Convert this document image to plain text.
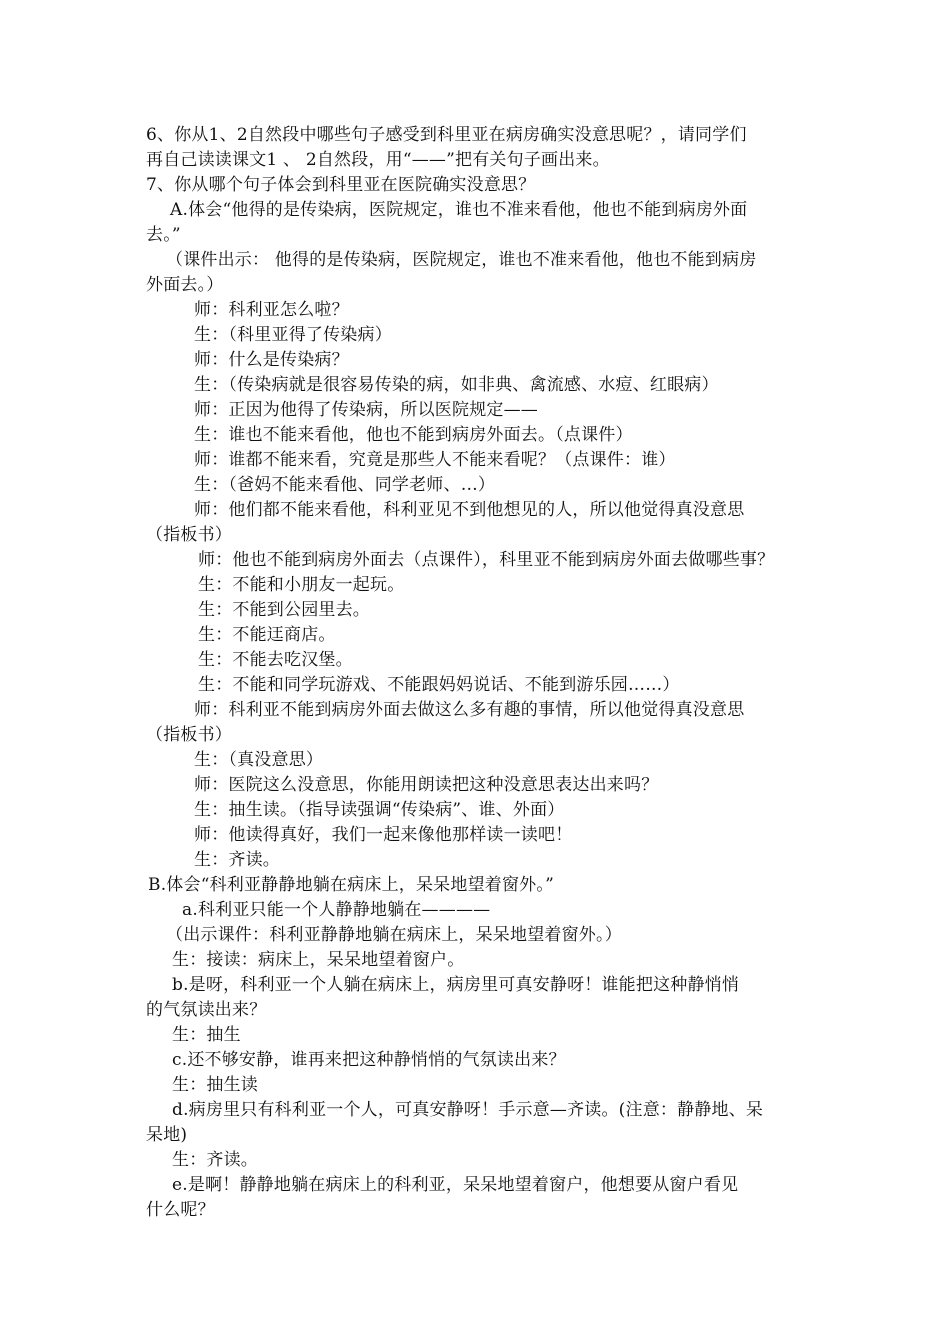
6、你从1、2自然段中哪些句子感受到科里亚在病房确实没意思呢？，请同学们
再自己读读课文1 、 2自然段，用“——”把有关句子画出来。
7、你从哪个句子体会到科里亚在医院确实没意思？
A.体会“他得的是传染病，医院规定，谁也不准来看他，他也不能到病房外面
去。”
（课件出示： 他得的是传染病，医院规定，谁也不准来看他，他也不能到病房
外面去。）
师：科利亚怎么啦？
生：（科里亚得了传染病）
师：什么是传染病？
生：（传染病就是很容易传染的病，如非典、禽流感、水痘、红眼病）
师：正因为他得了传染病，所以医院规定——
生：谁也不能来看他，他也不能到病房外面去。（点课件）
师：谁都不能来看，究竟是那些人不能来看呢？（点课件：谁）
生：（爸妈不能来看他、同学老师、…）
师：他们都不能来看他，科利亚见不到他想见的人，所以他觉得真没意思
（指板书）
师：他也不能到病房外面去（点课件），科里亚不能到病房外面去做哪些事？
生：不能和小朋友一起玩。
生：不能到公园里去。
生：不能迋商店。
生：不能去吃汉堡。
生：不能和同学玩游戏、不能跟妈妈说话、不能到游乐园……）
师：科利亚不能到病房外面去做这么多有趣的事情，所以他觉得真没意思
（指板书）
生：（真没意思）
师：医院这么没意思，你能用朗读把这种没意思表达出来吗？
生：抽生读。（指导读强调“传染病”、谁、外面）
师：他读得真好，我们一起来像他那样读一读吧！
生：齐读。
B.体会“科利亚静静地躺在病床上，呆呆地望着窗外。”
a.科利亚只能一个人静静地躺在————
（出示课件：科利亚静静地躺在病床上，呆呆地望着窗外。）
生：接读：病床上，呆呆地望着窗户。
b.是呀，科利亚一个人躺在病床上，病房里可真安静呀！谁能把这种静悄悄
的气氛读出来？
生：抽生
c.还不够安静，谁再来把这种静悄悄的气氛读出来？
生：抽生读
d.病房里只有科利亚一个人，可真安静呀！手示意—齐读。(注意：静静地、呆
呆地)
生：齐读。
e.是啊！静静地躺在病床上的科利亚，呆呆地望着窗户，他想要从窗户看见
什么呢？
